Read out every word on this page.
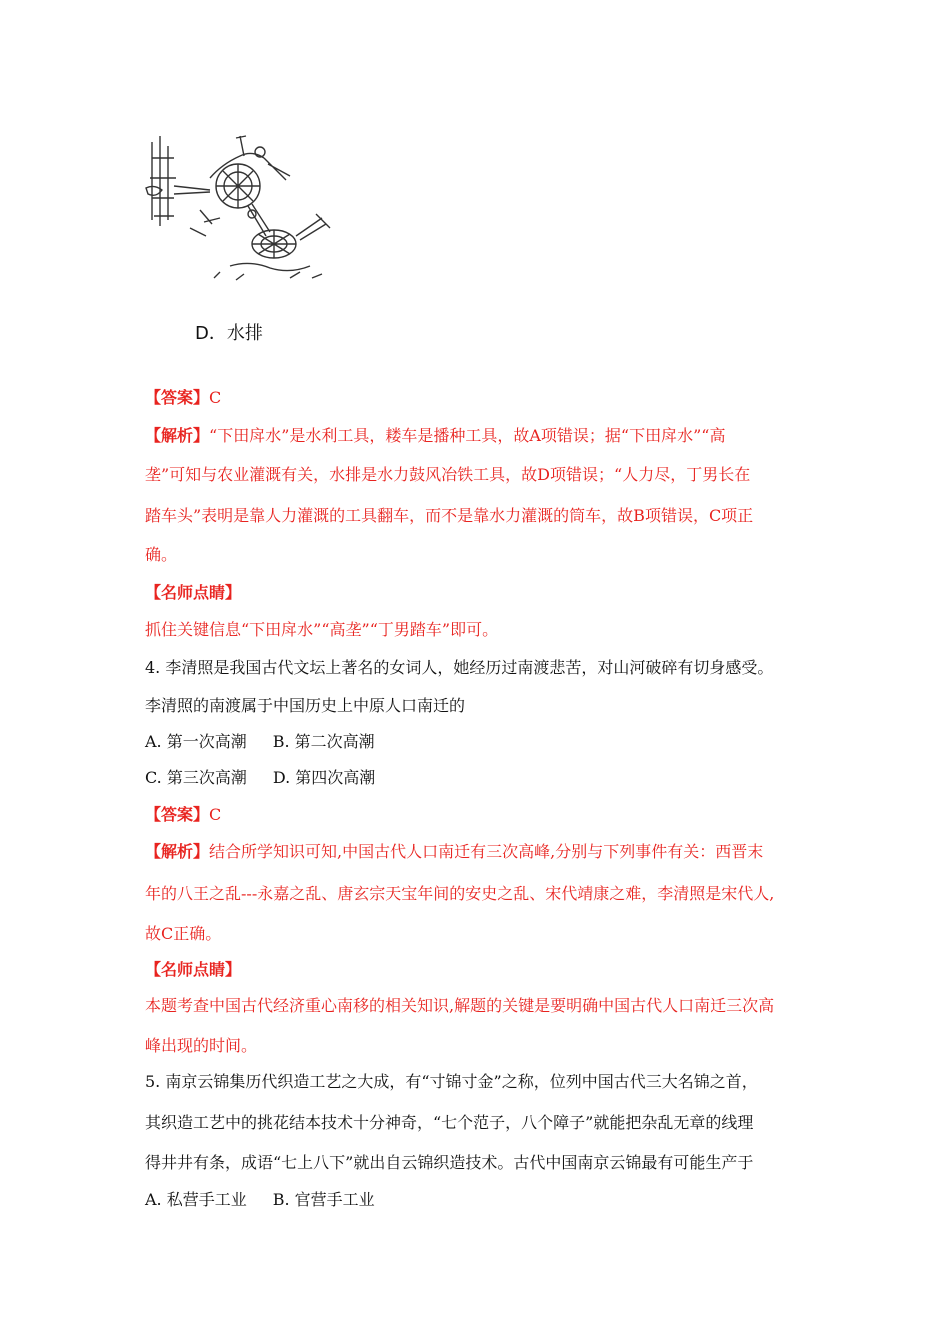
D．水排
【答案】C
【解析】“下田戽水”是水利工具，耧车是播种工具，故A项错误；据“下田戽水”“高
垄”可知与农业灌溉有关，水排是水力鼓风冶铁工具，故D项错误；“人力尽，丁男长在
踏车头”表明是靠人力灌溉的工具翻车，而不是靠水力灌溉的筒车，故B项错误，C项正
确。
【名师点睛】
抓住关键信息“下田戽水”“高垄”“丁男踏车”即可。
4. 李清照是我国古代文坛上著名的女词人，她经历过南渡悲苦，对山河破碎有切身感受。
李清照的南渡属于中国历史上中原人口南迁的
A. 第一次高潮 B. 第二次高潮
C. 第三次高潮 D. 第四次高潮
【答案】C
【解析】结合所学知识可知,中国古代人口南迁有三次高峰,分别与下列事件有关：西晋末
年的八王之乱---永嘉之乱、唐玄宗天宝年间的安史之乱、宋代靖康之难，李清照是宋代人,
故C正确。
【名师点睛】
本题考查中国古代经济重心南移的相关知识,解题的关键是要明确中国古代人口南迁三次高
峰出现的时间。
5. 南京云锦集历代织造工艺之大成，有“寸锦寸金”之称，位列中国古代三大名锦之首，
其织造工艺中的挑花结本技术十分神奇，“七个范子，八个障子”就能把杂乱无章的线理
得井井有条，成语“七上八下”就出自云锦织造技术。古代中国南京云锦最有可能生产于
A. 私营手工业 B. 官营手工业
